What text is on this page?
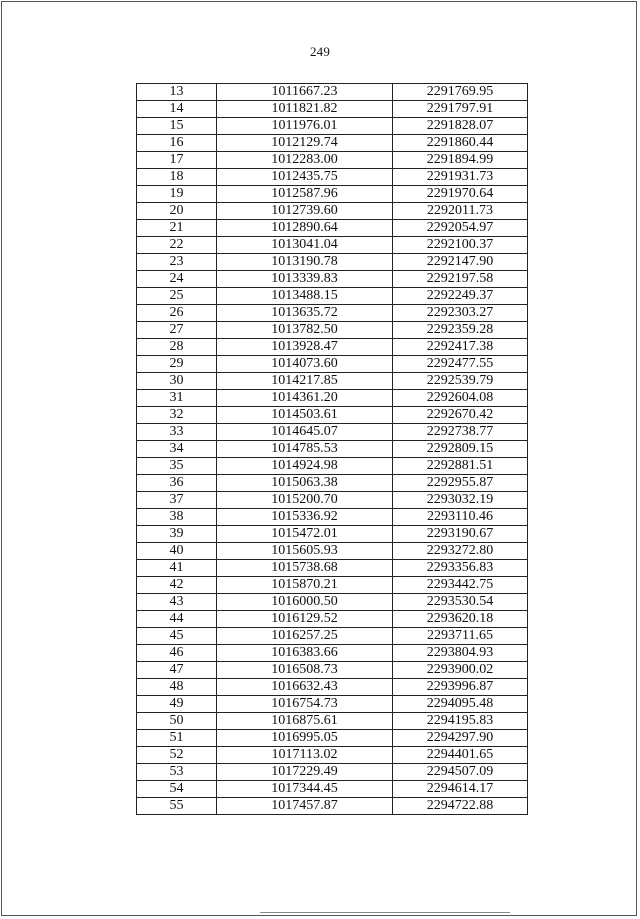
249
13	1011667.23	2291769.95
14	1011821.82	2291797.91
15	1011976.01	2291828.07
16	1012129.74	2291860.44
17	1012283.00	2291894.99
18	1012435.75	2291931.73
19	1012587.96	2291970.64
20	1012739.60	2292011.73
21	1012890.64	2292054.97
22	1013041.04	2292100.37
23	1013190.78	2292147.90
24	1013339.83	2292197.58
25	1013488.15	2292249.37
26	1013635.72	2292303.27
27	1013782.50	2292359.28
28	1013928.47	2292417.38
29	1014073.60	2292477.55
30	1014217.85	2292539.79
31	1014361.20	2292604.08
32	1014503.61	2292670.42
33	1014645.07	2292738.77
34	1014785.53	2292809.15
35	1014924.98	2292881.51
36	1015063.38	2292955.87
37	1015200.70	2293032.19
38	1015336.92	2293110.46
39	1015472.01	2293190.67
40	1015605.93	2293272.80
41	1015738.68	2293356.83
42	1015870.21	2293442.75
43	1016000.50	2293530.54
44	1016129.52	2293620.18
45	1016257.25	2293711.65
46	1016383.66	2293804.93
47	1016508.73	2293900.02
48	1016632.43	2293996.87
49	1016754.73	2294095.48
50	1016875.61	2294195.83
51	1016995.05	2294297.90
52	1017113.02	2294401.65
53	1017229.49	2294507.09
54	1017344.45	2294614.17
55	1017457.87	2294722.88
